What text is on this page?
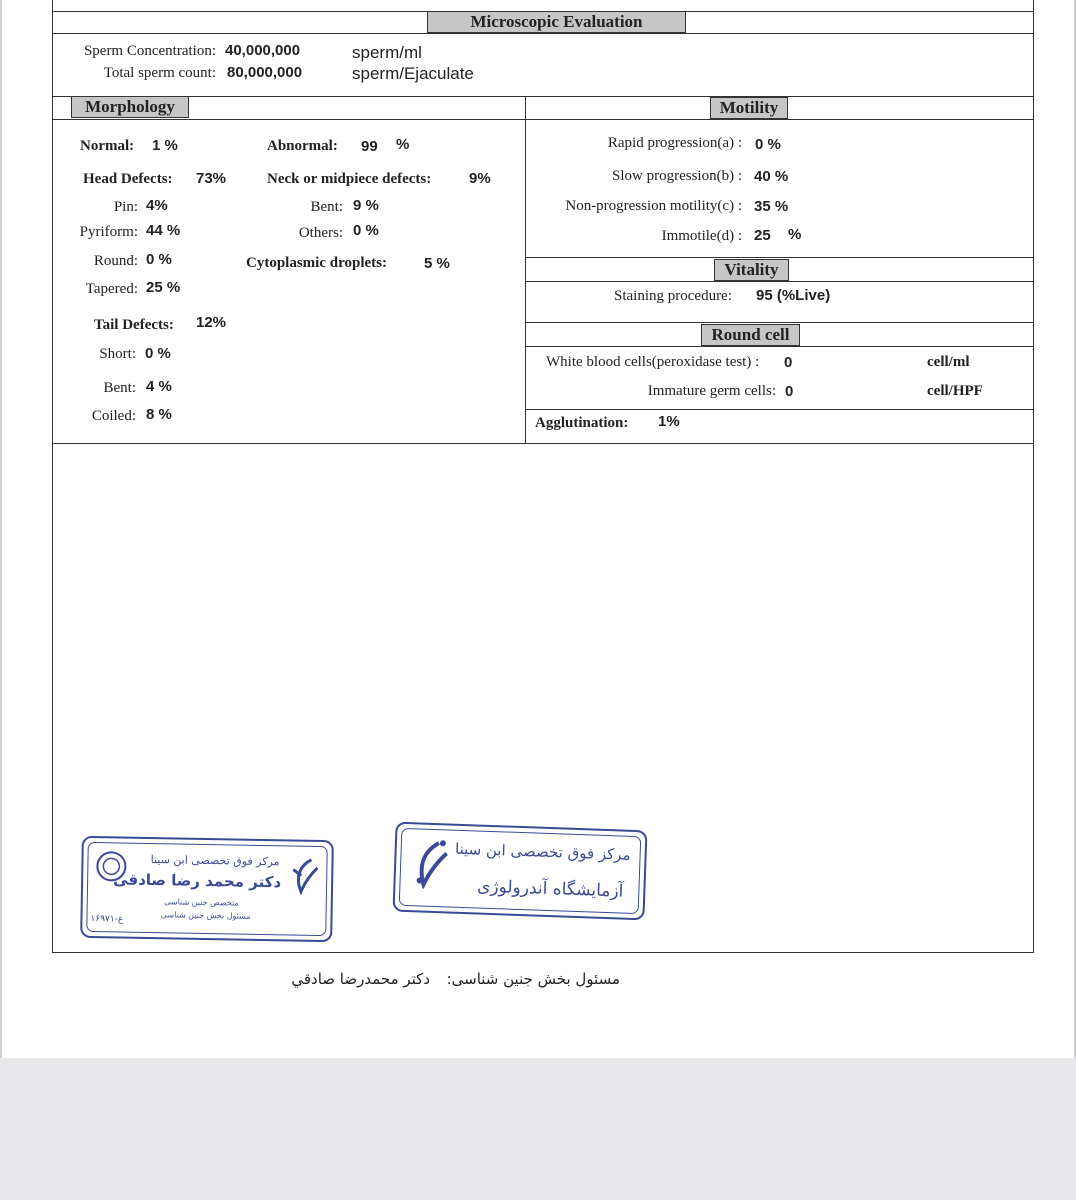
Microscopic Evaluation
Morphology	Motility
Vitality
Round cell
Sperm Concentration: 40,000,000	sperm/ml
Total sperm count: 80,000,000	sperm/Ejaculate
Normal: 1 %
Head Defects: 73%
Pin: 4%
Pyriform: 44 %
Round: 0 %
Tapered: 25 %
Tail Defects: 12%
Short: 0 %
Bent: 4 %
Coiled: 8 %
Abnormal: 99 %
Neck or midpiece defects:	9%
Bent: 9 %
Others: 0 %
Cytoplasmic droplets: 5 %
Rapid progression(a) : 0 %
Slow progression(b) : 40 %
Non-progression motility(c) : 35 %
Immotile(d) : 25 %
Staining procedure: 95 (%Live)
White blood cells(peroxidase test) : 0	cell/ml
Immature germ cells: 0	cell/HPF
Agglutination: 1%
مرکز فوق تخصصی ابن سینا
دکتر محمد رضا صادقی
متخصص جنین شناسی
مسئول بخش جنین شناسی
ع-۱۶۹۷۱
مرکز فوق تخصصی ابن سینا
آزمایشگاه آندرولوژی
مسئول بخش جنین شناسی:
دکتر محمدرضا صادقي
